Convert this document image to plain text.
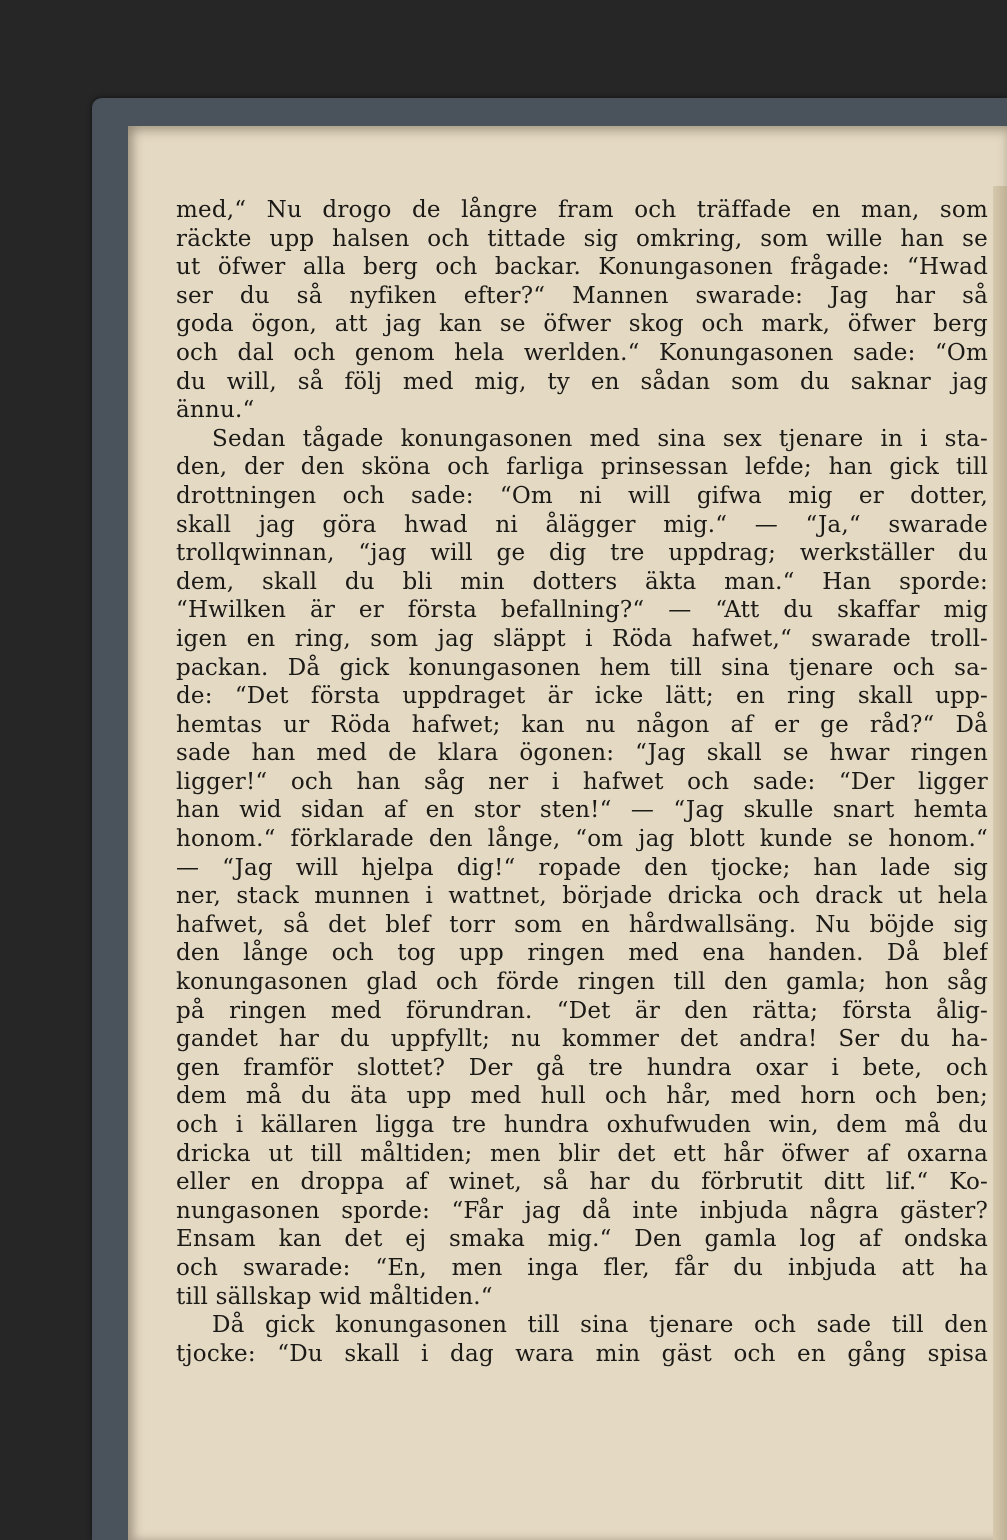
med,“ Nu drogo de långre fram och träffade en man, som
räckte upp halsen och tittade sig omkring, som wille han se
ut öfwer alla berg och backar. Konungasonen frågade: “Hwad
ser du så nyfiken efter?“ Mannen swarade: Jag har så
goda ögon, att jag kan se öfwer skog och mark, öfwer berg
och dal och genom hela werlden.“ Konungasonen sade: “Om
du will, så följ med mig, ty en sådan som du saknar jag
ännu.“
Sedan tågade konungasonen med sina sex tjenare in i sta-
den, der den sköna och farliga prinsessan lefde; han gick till
drottningen och sade: “Om ni will gifwa mig er dotter,
skall jag göra hwad ni ålägger mig.“ — “Ja,“ swarade
trollqwinnan, “jag will ge dig tre uppdrag; werkställer du
dem, skall du bli min dotters äkta man.“ Han sporde:
“Hwilken är er första befallning?“ — “Att du skaffar mig
igen en ring, som jag släppt i Röda hafwet,“ swarade troll-
packan. Då gick konungasonen hem till sina tjenare och sa-
de: “Det första uppdraget är icke lätt; en ring skall upp-
hemtas ur Röda hafwet; kan nu någon af er ge råd?“ Då
sade han med de klara ögonen: “Jag skall se hwar ringen
ligger!“ och han såg ner i hafwet och sade: “Der ligger
han wid sidan af en stor sten!“ — “Jag skulle snart hemta
honom.“ förklarade den långe, “om jag blott kunde se honom.“
— “Jag will hjelpa dig!“ ropade den tjocke; han lade sig
ner, stack munnen i wattnet, började dricka och drack ut hela
hafwet, så det blef torr som en hårdwallsäng. Nu böjde sig
den långe och tog upp ringen med ena handen. Då blef
konungasonen glad och förde ringen till den gamla; hon såg
på ringen med förundran. “Det är den rätta; första ålig-
gandet har du uppfyllt; nu kommer det andra! Ser du ha-
gen framför slottet? Der gå tre hundra oxar i bete, och
dem må du äta upp med hull och hår, med horn och ben;
och i källaren ligga tre hundra oxhufwuden win, dem må du
dricka ut till måltiden; men blir det ett hår öfwer af oxarna
eller en droppa af winet, så har du förbrutit ditt lif.“ Ko-
nungasonen sporde: “Får jag då inte inbjuda några gäster?
Ensam kan det ej smaka mig.“ Den gamla log af ondska
och swarade: “En, men inga fler, får du inbjuda att ha
till sällskap wid måltiden.“
Då gick konungasonen till sina tjenare och sade till den
tjocke: “Du skall i dag wara min gäst och en gång spisa
